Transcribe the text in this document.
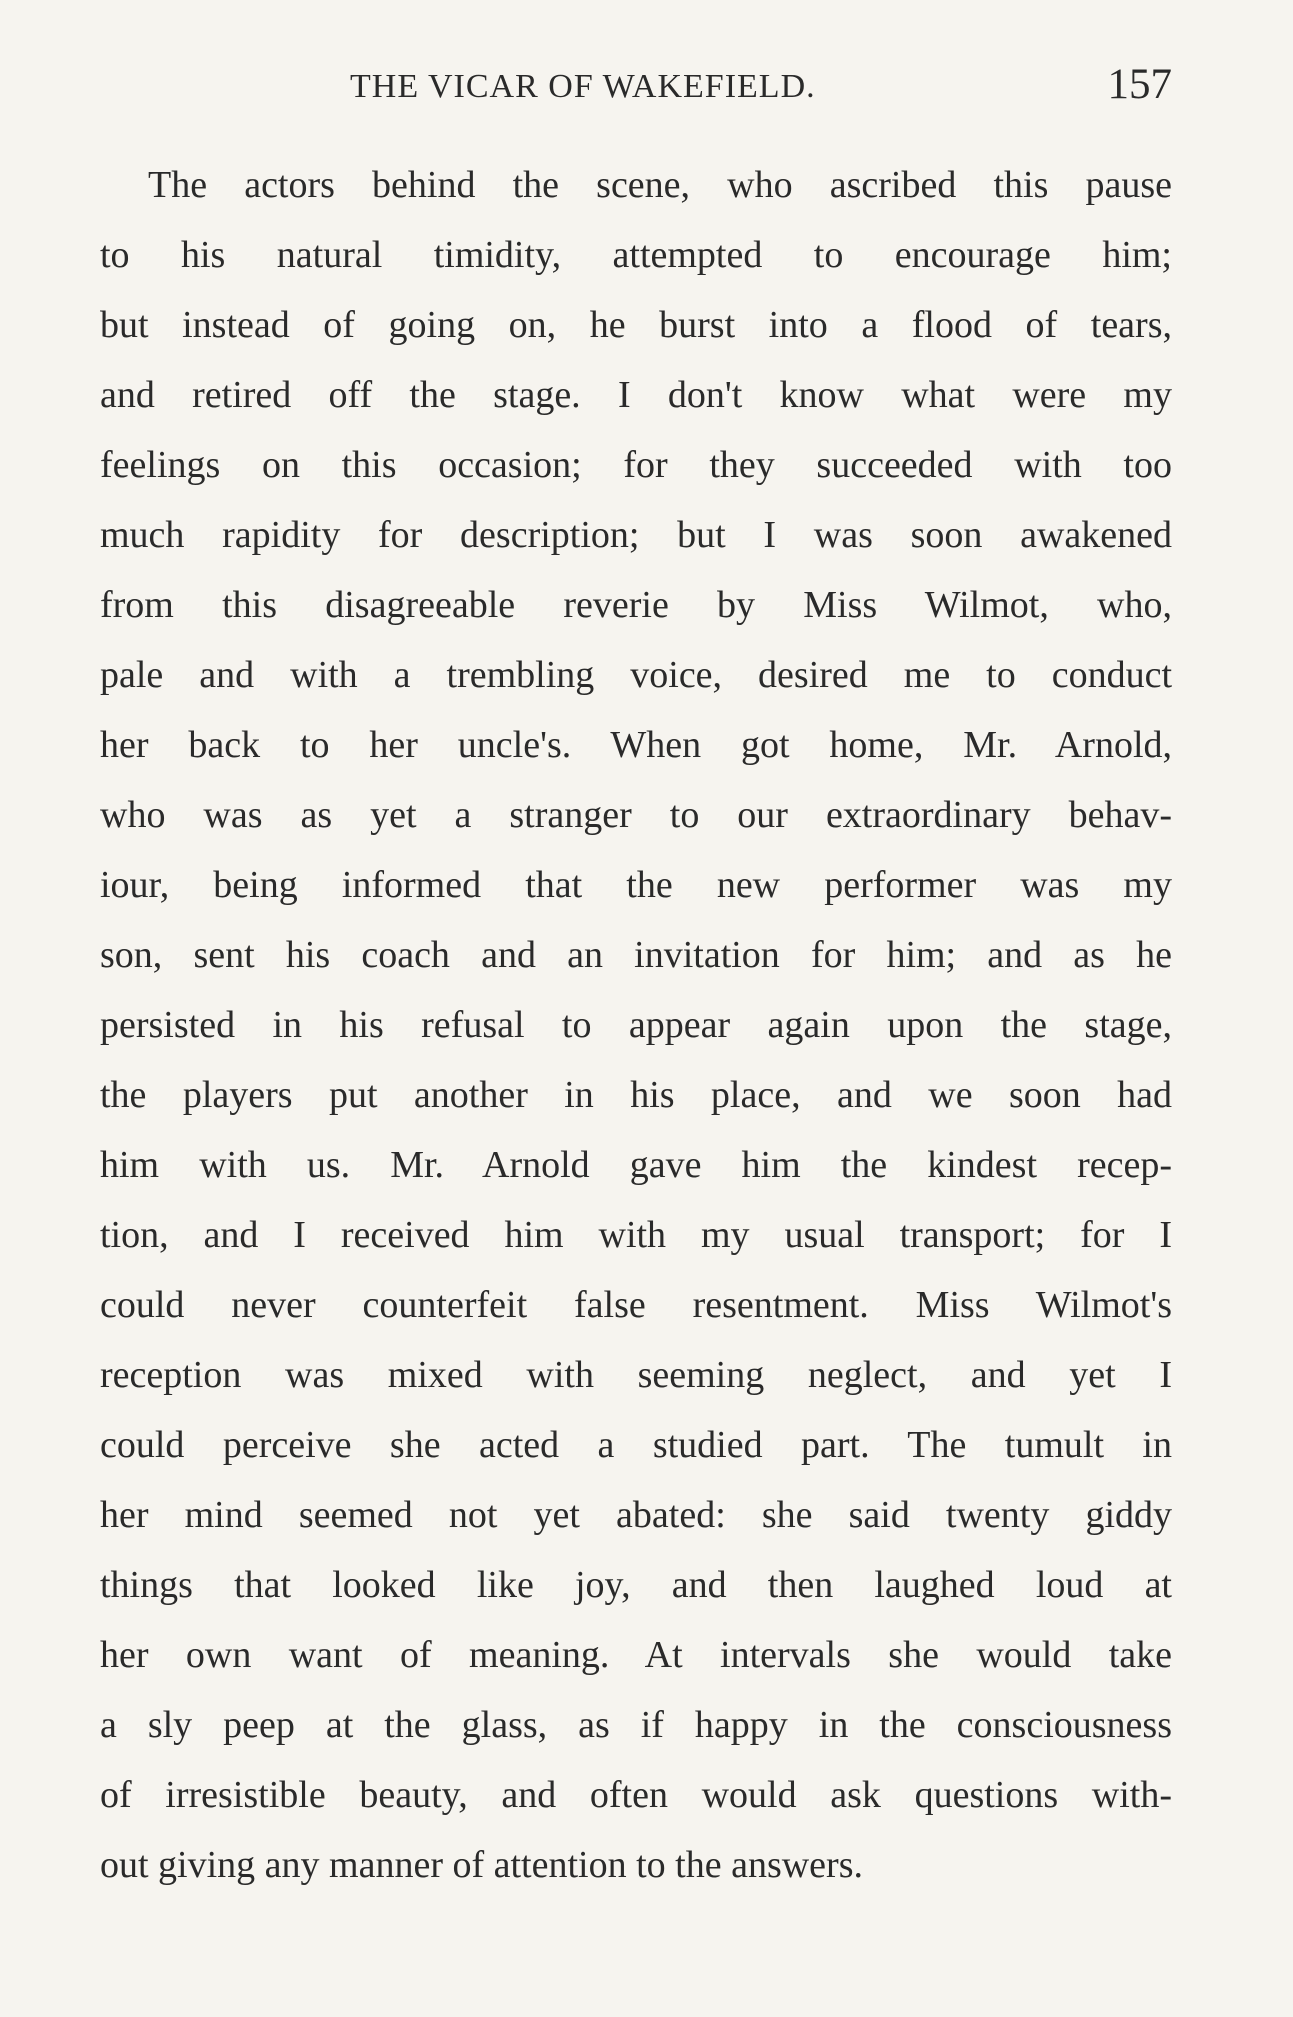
THE VICAR OF WAKEFIELD.	157
The actors behind the scene, who ascribed this pause
to his natural timidity, attempted to encourage him;
but instead of going on, he burst into a flood of tears,
and retired off the stage. I don't know what were my
feelings on this occasion; for they succeeded with too
much rapidity for description; but I was soon awakened
from this disagreeable reverie by Miss Wilmot, who,
pale and with a trembling voice, desired me to conduct
her back to her uncle's. When got home, Mr. Arnold,
who was as yet a stranger to our extraordinary behav-
iour, being informed that the new performer was my
son, sent his coach and an invitation for him; and as he
persisted in his refusal to appear again upon the stage,
the players put another in his place, and we soon had
him with us. Mr. Arnold gave him the kindest recep-
tion, and I received him with my usual transport; for I
could never counterfeit false resentment. Miss Wilmot's
reception was mixed with seeming neglect, and yet I
could perceive she acted a studied part. The tumult in
her mind seemed not yet abated: she said twenty giddy
things that looked like joy, and then laughed loud at
her own want of meaning. At intervals she would take
a sly peep at the glass, as if happy in the consciousness
of irresistible beauty, and often would ask questions with-
out giving any manner of attention to the answers.
